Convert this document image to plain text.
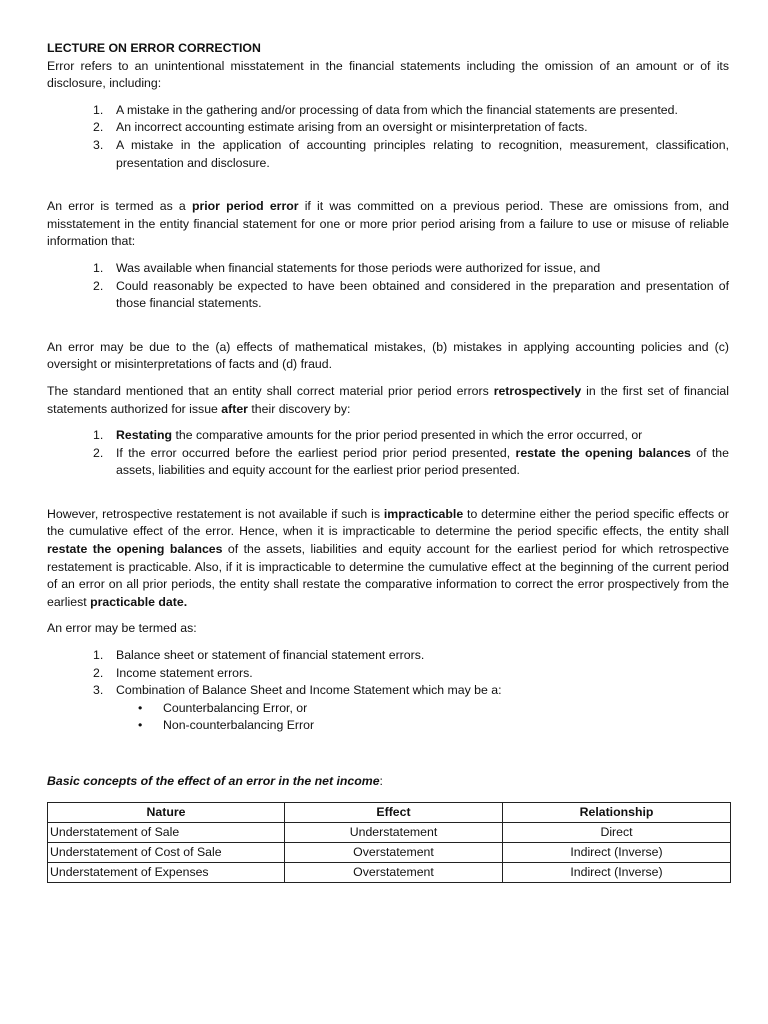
LECTURE ON ERROR CORRECTION

Error refers to an unintentional misstatement in the financial statements including the omission of an amount or of its disclosure, including:

1. A mistake in the gathering and/or processing of data from which the financial statements are presented.
2. An incorrect accounting estimate arising from an oversight or misinterpretation of facts.
3. A mistake in the application of accounting principles relating to recognition, measurement, classification, presentation and disclosure.

An error is termed as a prior period error if it was committed on a previous period. These are omissions from, and misstatement in the entity financial statement for one or more prior period arising from a failure to use or misuse of reliable information that:

1. Was available when financial statements for those periods were authorized for issue, and
2. Could reasonably be expected to have been obtained and considered in the preparation and presentation of those financial statements.

An error may be due to the (a) effects of mathematical mistakes, (b) mistakes in applying accounting policies and (c) oversight or misinterpretations of facts and (d) fraud.

The standard mentioned that an entity shall correct material prior period errors retrospectively in the first set of financial statements authorized for issue after their discovery by:

1. Restating the comparative amounts for the prior period presented in which the error occurred, or
2. If the error occurred before the earliest period prior period presented, restate the opening balances of the assets, liabilities and equity account for the earliest prior period presented.

However, retrospective restatement is not available if such is impracticable to determine either the period specific effects or the cumulative effect of the error. Hence, when it is impracticable to determine the period specific effects, the entity shall restate the opening balances of the assets, liabilities and equity account for the earliest period for which retrospective restatement is practicable. Also, if it is impracticable to determine the cumulative effect at the beginning of the current period of an error on all prior periods, the entity shall restate the comparative information to correct the error prospectively from the earliest practicable date.

An error may be termed as:

1. Balance sheet or statement of financial statement errors.
2. Income statement errors.
3. Combination of Balance Sheet and Income Statement which may be a:
• Counterbalancing Error, or
• Non-counterbalancing Error

Basic concepts of the effect of an error in the net income:

Nature	Effect	Relationship
Understatement of Sale	Understatement	Direct
Understatement of Cost of Sale	Overstatement	Indirect (Inverse)
Understatement of Expenses	Overstatement	Indirect (Inverse)
